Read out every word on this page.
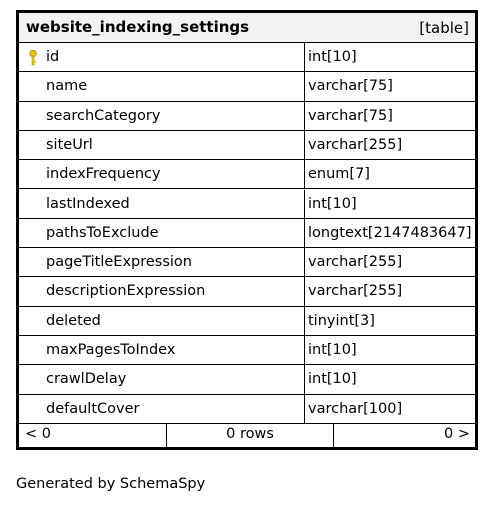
website_indexing_settings	[table]
id	int[10]
name	varchar[75]
searchCategory	varchar[75]
siteUrl	varchar[255]
indexFrequency	enum[7]
lastIndexed	int[10]
pathsToExclude	longtext[2147483647]
pageTitleExpression	varchar[255]
descriptionExpression	varchar[255]
deleted	tinyint[3]
maxPagesToIndex	int[10]
crawlDelay	int[10]
defaultCover	varchar[100]
< 0	0 rows	0 >
Generated by SchemaSpy
